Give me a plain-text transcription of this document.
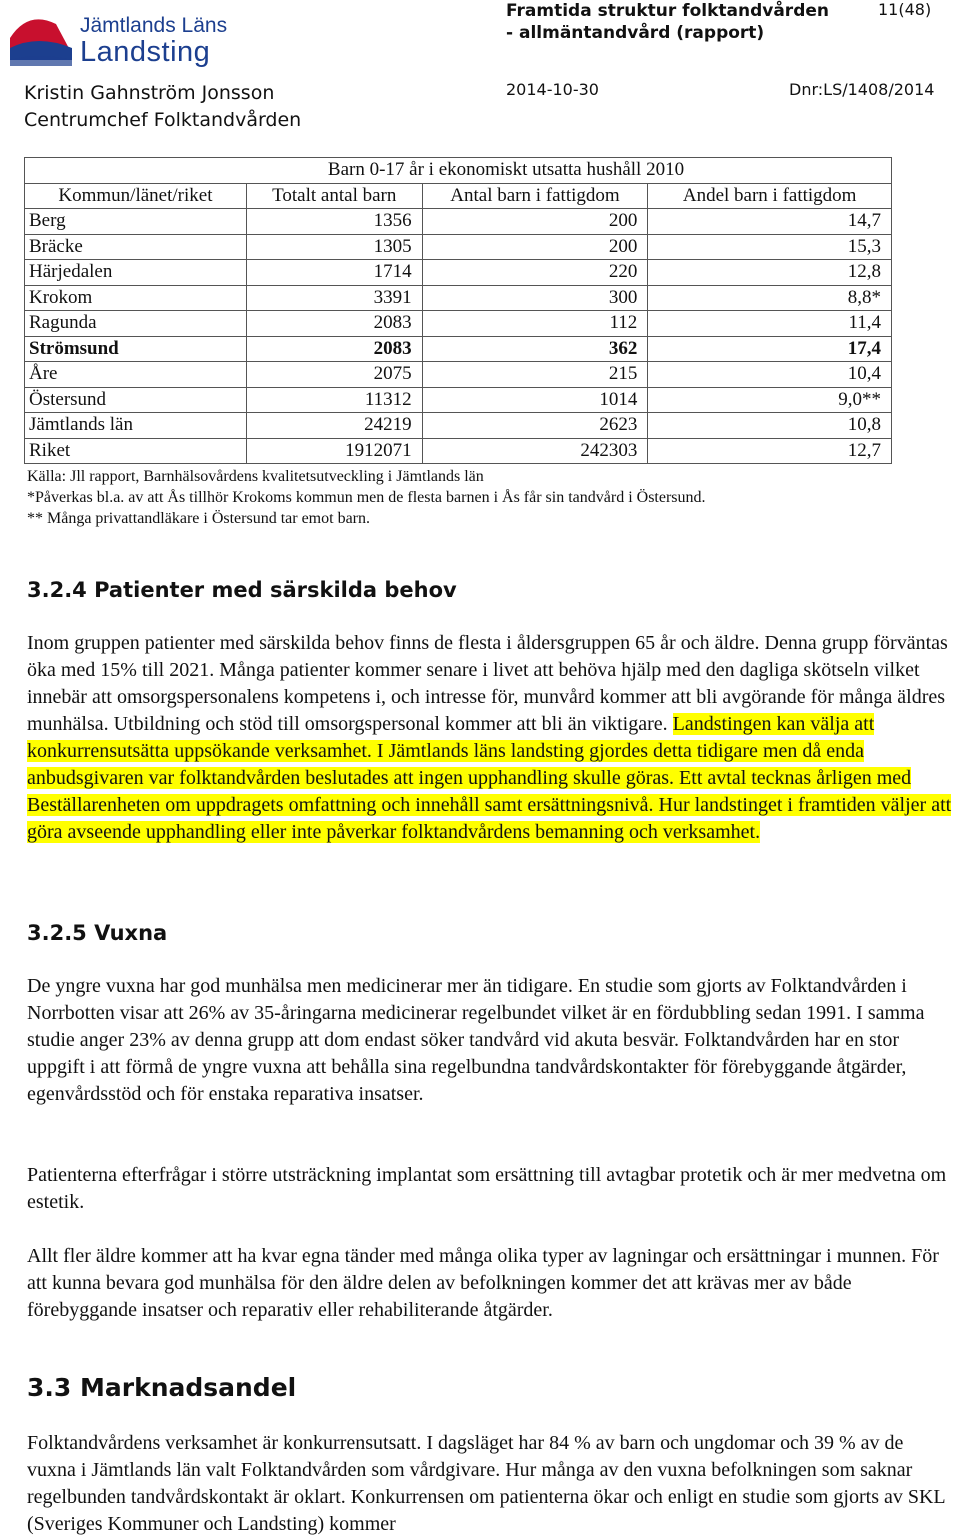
Jämtlands Läns
Landsting
Kristin Gahnström Jonsson
Centrumchef Folktandvården
Framtida struktur folktandvården - allmäntandvård (rapport)
11(48)
2014-10-30	Dnr:LS/1408/2014
Barn 0-17 år i ekonomiskt utsatta hushåll 2010			
Kommun/länet/riket	Totalt antal barn	Antal barn i fattigdom	Andel barn i fattigdom
Berg	1356	200	14,7
Bräcke	1305	200	15,3
Härjedalen	1714	220	12,8
Krokom	3391	300	8,8*
Ragunda	2083	112	11,4
Strömsund	2083	362	17,4
Åre	2075	215	10,4
Östersund	11312	1014	9,0**
Jämtlands län	24219	2623	10,8
Riket	1912071	242303	12,7
Källa: Jll rapport, Barnhälsovårdens kvalitetsutveckling i Jämtlands län
*Påverkas bl.a. av att Ås tillhör Krokoms kommun men de flesta barnen i Ås får sin tandvård i Östersund.
** Många privattandläkare i Östersund tar emot barn.
3.2.4 Patienter med särskilda behov

Inom gruppen patienter med särskilda behov finns de flesta i åldersgruppen 65 år och äldre. Denna grupp förväntas öka med 15% till 2021. Många patienter kommer senare i livet att behöva hjälp med den dagliga skötseln vilket innebär att omsorgspersonalens kompetens i, och intresse för, munvård kommer att bli avgörande för många äldres munhälsa. Utbildning och stöd till omsorgspersonal kommer att bli än viktigare. Landstingen kan välja att konkurrensutsätta uppsökande verksamhet. I Jämtlands läns landsting gjordes detta tidigare men då enda anbudsgivaren var folktandvården beslutades att ingen upphandling skulle göras. Ett avtal tecknas årligen med Beställarenheten om uppdragets omfattning och innehåll samt ersättningsnivå. Hur landstinget i framtiden väljer att göra avseende upphandling eller inte påverkar folktandvårdens bemanning och verksamhet.

3.2.5 Vuxna

De yngre vuxna har god munhälsa men medicinerar mer än tidigare. En studie som gjorts av Folktandvården i Norrbotten visar att 26% av 35-åringarna medicinerar regelbundet vilket är en fördubbling sedan 1991. I samma studie anger 23% av denna grupp att dom endast söker tandvård vid akuta besvär. Folktandvården har en stor uppgift i att förmå de yngre vuxna att behålla sina regelbundna tandvårdskontakter för förebyggande åtgärder, egenvårdsstöd och för enstaka reparativa insatser.

Patienterna efterfrågar i större utsträckning implantat som ersättning till avtagbar protetik och är mer medvetna om estetik.

Allt fler äldre kommer att ha kvar egna tänder med många olika typer av lagningar och ersättningar i munnen. För att kunna bevara god munhälsa för den äldre delen av befolkningen kommer det att krävas mer av både förebyggande insatser och reparativ eller rehabiliterande åtgärder.

3.3 Marknadsandel

Folktandvårdens verksamhet är konkurrensutsatt. I dagsläget har 84 % av barn och ungdomar och 39 % av de vuxna i Jämtlands län valt Folktandvården som vårdgivare. Hur många av den vuxna befolkningen som saknar regelbunden tandvårdskontakt är oklart. Konkurrensen om patienterna ökar och enligt en studie som gjorts av SKL (Sveriges Kommuner och Landsting) kommer
